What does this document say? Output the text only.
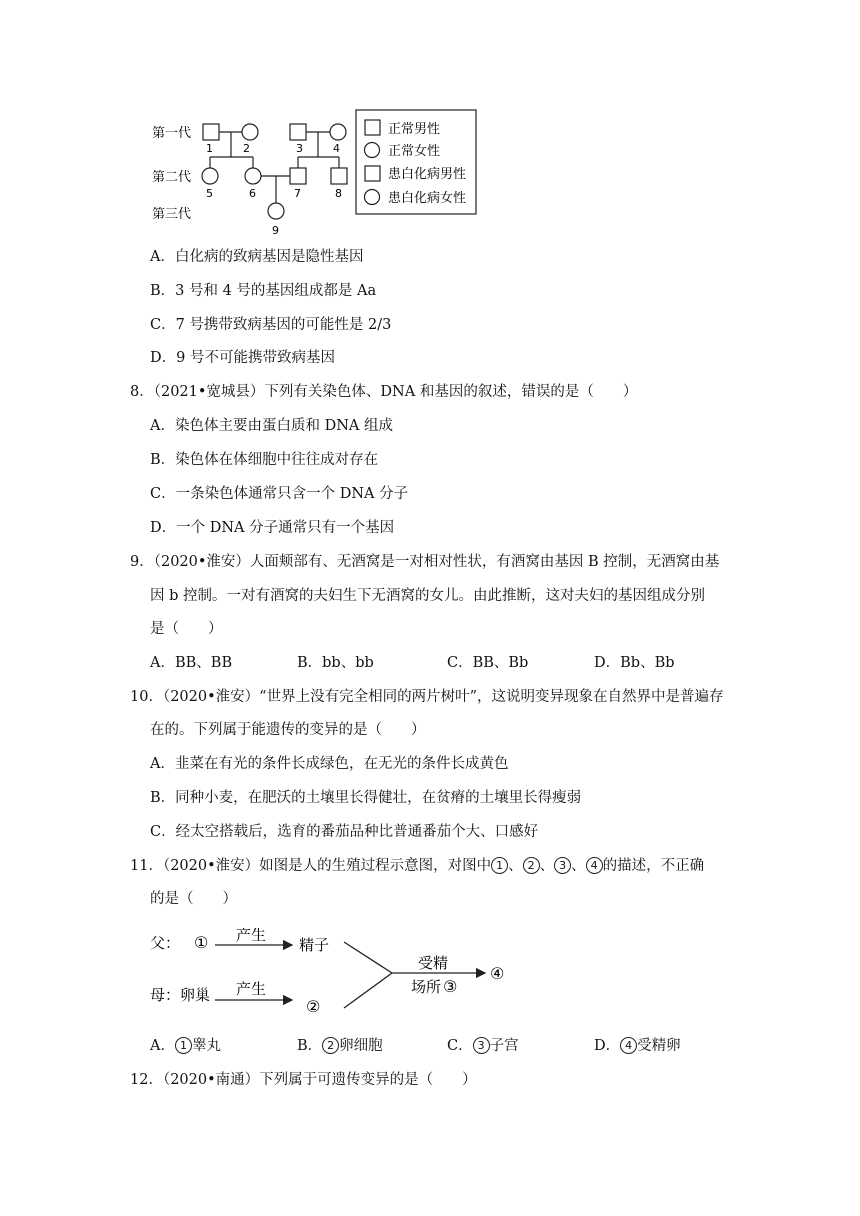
第一代
第二代
第三代
1	2	3	4
5	6	7	8
9
正常男性
正常女性
患白化病男性
患白化病女性
A．白化病的致病基因是隐性基因
B．3 号和 4 号的基因组成都是 Aa
C．7 号携带致病基因的可能性是 2/3
D．9 号不可能携带致病基因
8．（2021•宽城县）下列有关染色体、DNA 和基因的叙述，错误的是（　　）
A．染色体主要由蛋白质和 DNA 组成
B．染色体在体细胞中往往成对存在
C．一条染色体通常只含一个 DNA 分子
D．一个 DNA 分子通常只有一个基因
9．（2020•淮安）人面颊部有、无酒窝是一对相对性状，有酒窝由基因 B 控制，无酒窝由基
因 b 控制。一对有酒窝的夫妇生下无酒窝的女儿。由此推断，这对夫妇的基因组成分别
是（　　）
A．BB、BB	B．bb、bb	C．BB、Bb	D．Bb、Bb
10．（2020•淮安）“世界上没有完全相同的两片树叶”，这说明变异现象在自然界中是普遍存
在的。下列属于能遗传的变异的是（　　）
A．韭菜在有光的条件长成绿色，在无光的条件长成黄色
B．同种小麦，在肥沃的土壤里长得健壮，在贫瘠的土壤里长得瘦弱
C．经太空搭载后，选育的番茄品种比普通番茄个大、口感好
11．（2020•淮安）如图是人的生殖过程示意图，对图中 1 、 2 、 3 、 4 的描述，不正确
的是（　　）
父： ① 产生
精子
母：卵巢 产生
②
受精
场所 ③
④
A． 1 睾丸	B． 2 卵细胞	C． 3 子宫	D． 4 受精卵
12．（2020•南通）下列属于可遗传变异的是（　　）
